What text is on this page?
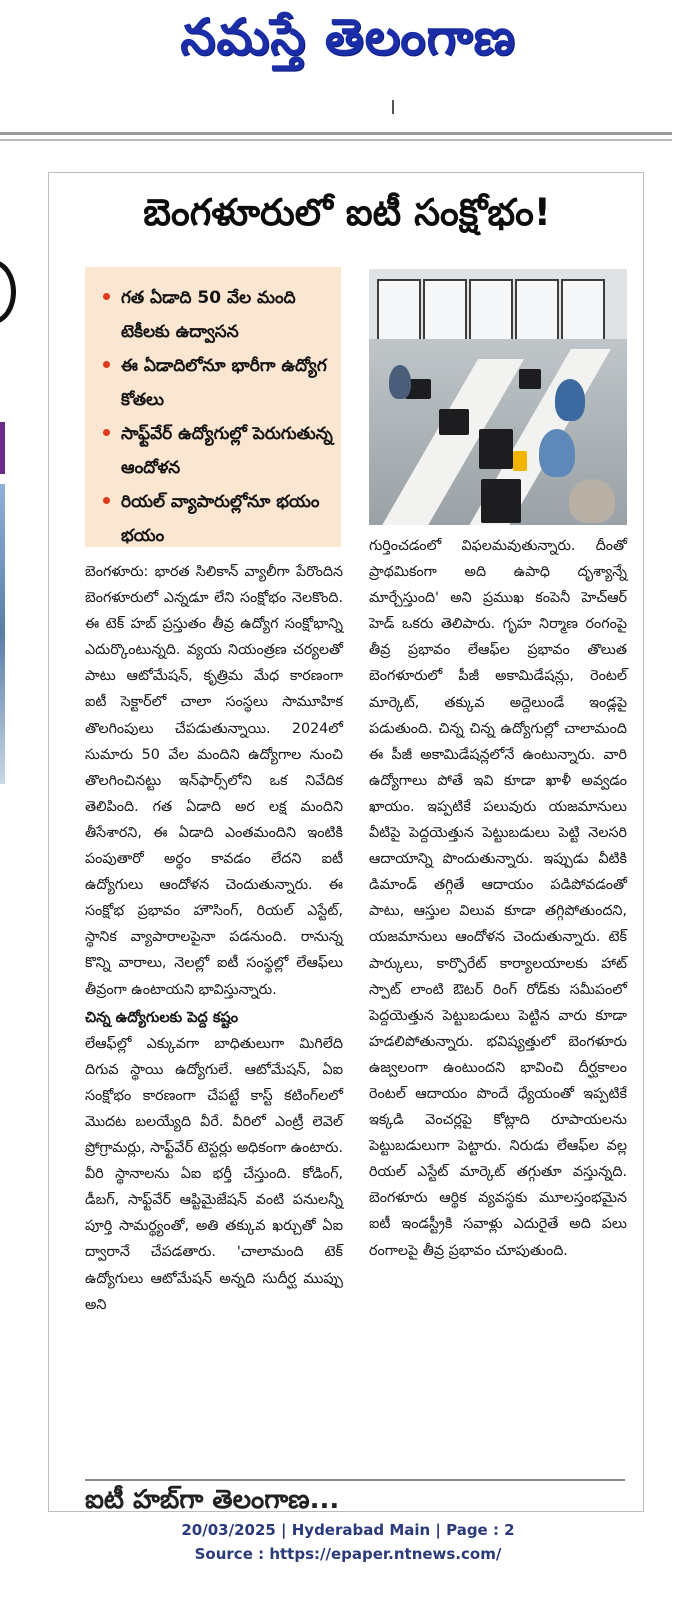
నమస్తే తెలంగాణ
బెంగళూరులో ఐటీ సంక్షోభం!
గత ఏడాది 50 వేల మంది టెకీలకు ఉద్వాసన
ఈ ఏడాదిలోనూ భారీగా ఉద్యోగ కోతలు
సాఫ్ట్‌వేర్ ఉద్యోగుల్లో పెరుగుతున్న ఆందోళన
రియల్ వ్యాపారుల్లోనూ భయం భయం

బెంగళూరు: భారత సిలికాన్ వ్యాలీగా పేరొందిన బెంగళూరులో ఎన్నడూ లేని సంక్షోభం నెలకొంది. ఈ టెక్ హబ్ ప్రస్తుతం తీవ్ర ఉద్యోగ సంక్షోభాన్ని ఎదుర్కొంటున్నది. వ్యయ నియంత్రణ చర్యలతో పాటు ఆటోమేషన్, కృత్రిమ మేధ కారణంగా ఐటీ సెక్టార్‌లో చాలా సంస్థలు సామూహిక తొలగింపులు చేపడుతున్నాయి. 2024లో సుమారు 50 వేల మందిని ఉద్యోగాల నుంచి తొలగించినట్టు ఇన్‌ఫార్స్‌లోని ఒక నివేదిక తెలిపింది. గత ఏడాది అర లక్ష మందిని తీసేశారని, ఈ ఏడాది ఎంతమందిని ఇంటికి పంపుతారో అర్థం కావడం లేదని ఐటీ ఉద్యోగులు ఆందోళన చెందుతున్నారు. ఈ సంక్షోభ ప్రభావం హౌసింగ్, రియల్ ఎస్టేట్, స్థానిక వ్యాపారాలపైనా పడనుంది. రానున్న కొన్ని వారాలు, నెలల్లో ఐటీ సంస్థల్లో లేఆఫ్‌లు తీవ్రంగా ఉంటాయని భావిస్తున్నారు.

చిన్న ఉద్యోగులకు పెద్ద కష్టం

లేఆఫ్‌ల్లో ఎక్కువగా బాధితులుగా మిగిలేది దిగువ స్థాయి ఉద్యోగులే. ఆటోమేషన్, ఏఐ సంక్షోభం కారణంగా చేపట్టే కాస్ట్ కటింగ్‌లలో మొదట బలయ్యేది వీరే. వీరిలో ఎంట్రీ లెవెల్ ప్రోగ్రామర్లు, సాఫ్ట్‌వేర్ టెస్టర్లు అధికంగా ఉంటారు. వీరి స్థానాలను ఏఐ భర్తీ చేస్తుంది. కోడింగ్, డీబగ్, సాఫ్ట్‌వేర్ ఆప్టిమైజేషన్ వంటి పనులన్నీ పూర్తి సామర్థ్యంతో, అతి తక్కువ ఖర్చుతో ఏఐ ద్వారానే చేపడతారు. 'చాలామంది టెక్ ఉద్యోగులు ఆటోమేషన్ అన్నది సుదీర్ఘ ముప్పు అని

గుర్తించడంలో విఫలమవుతున్నారు. దీంతో ప్రాథమికంగా అది ఉపాధి దృశ్యాన్నే మార్చేస్తుంది' అని ప్రముఖ కంపెనీ హెచ్‌ఆర్ హెడ్ ఒకరు తెలిపారు. గృహ నిర్మాణ రంగంపై తీవ్ర ప్రభావం లేఆఫ్‌ల ప్రభావం తొలుత బెంగళూరులో పీజీ అకామిడేషన్లు, రెంటల్ మార్కెట్, తక్కువ అద్దెలుండే ఇండ్లపై పడుతుంది. చిన్న చిన్న ఉద్యోగుల్లో చాలామంది ఈ పీజీ అకామిడేషన్లలోనే ఉంటున్నారు. వారి ఉద్యోగాలు పోతే ఇవి కూడా ఖాళీ అవ్వడం ఖాయం. ఇప్పటికే పలువురు యజమానులు వీటిపై పెద్దయెత్తున పెట్టుబడులు పెట్టి నెలసరి ఆదాయాన్ని పొందుతున్నారు. ఇప్పుడు వీటికి డిమాండ్ తగ్గితే ఆదాయం పడిపోవడంతో పాటు, ఆస్తుల విలువ కూడా తగ్గిపోతుందని, యజమానులు ఆందోళన చెందుతున్నారు. టెక్ పార్కులు, కార్పొరేట్ కార్యాలయాలకు హాట్ స్పాట్ లాంటి ఔటర్ రింగ్ రోడ్‌కు సమీపంలో పెద్దయెత్తున పెట్టుబడులు పెట్టిన వారు కూడా హడలిపోతున్నారు. భవిష్యత్తులో బెంగళూరు ఉజ్వలంగా ఉంటుందని భావించి దీర్ఘకాలం రెంటల్ ఆదాయం పొందే ధ్యేయంతో ఇప్పటికే ఇక్కడి వెంచర్లపై కోట్లాది రూపాయలను పెట్టుబడులుగా పెట్టారు. నిరుడు లేఆఫ్‌ల వల్ల రియల్ ఎస్టేట్ మార్కెట్ తగ్గుతూ వస్తున్నది. బెంగళూరు ఆర్థిక వ్యవస్థకు మూలస్తంభమైన ఐటీ ఇండస్ట్రీకి సవాళ్లు ఎదురైతే అది పలు రంగాలపై తీవ్ర ప్రభావం చూపుతుంది.

ఐటీ హబ్‌గా తెలంగాణ...
20/03/2025 | Hyderabad Main | Page : 2
Source : https://epaper.ntnews.com/
